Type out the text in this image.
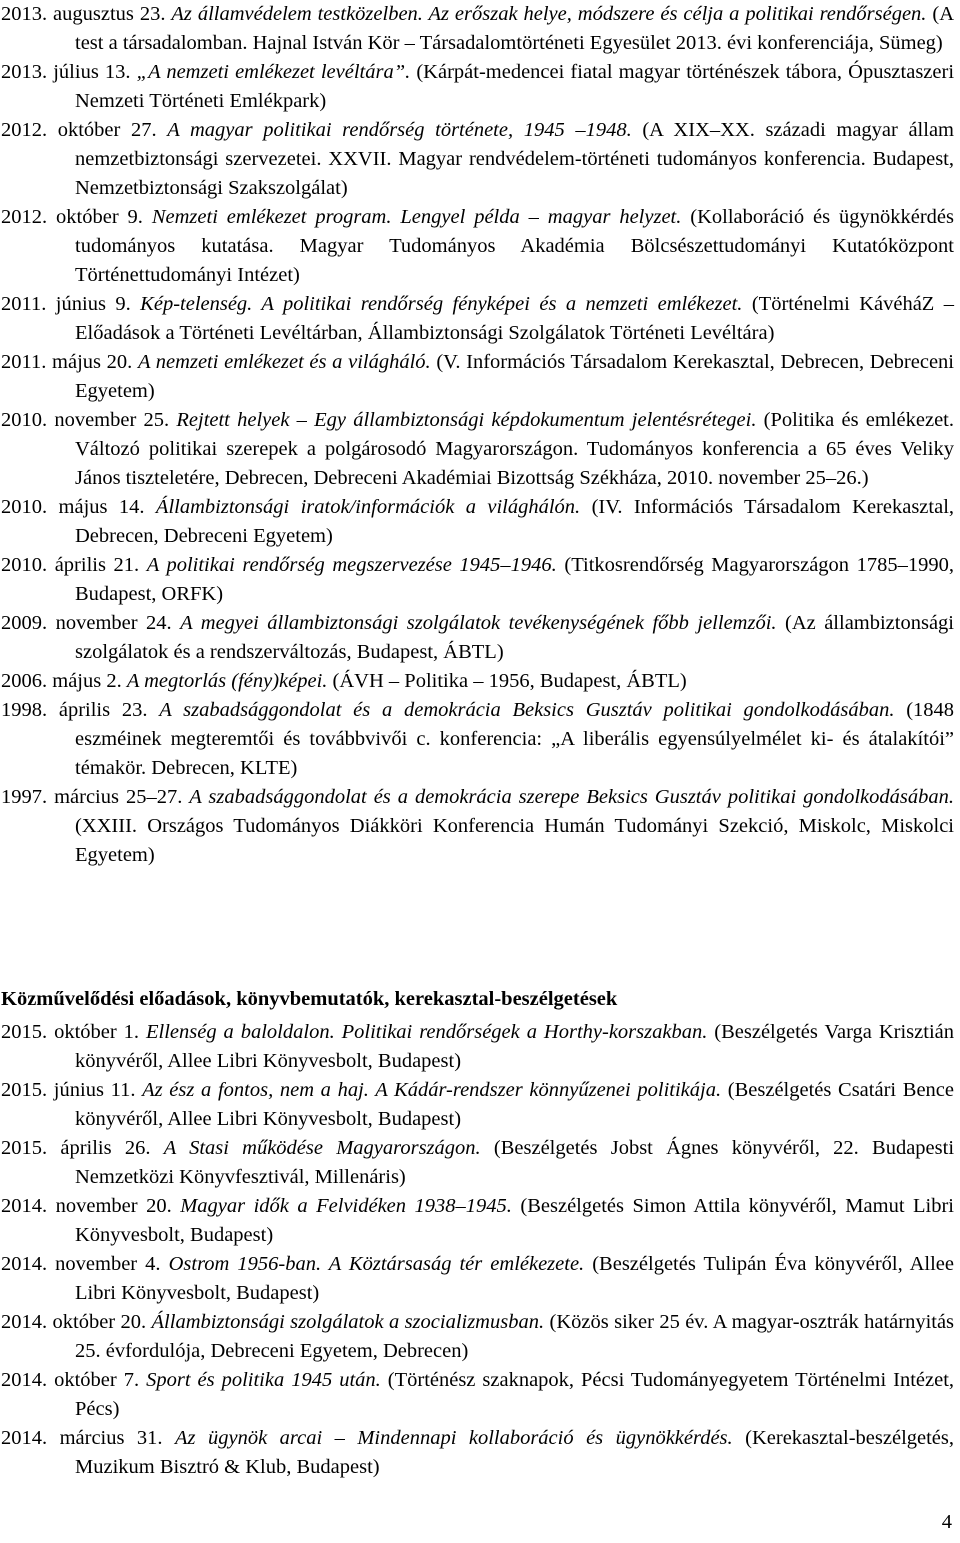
2013. augusztus 23. Az államvédelem testközelben. Az erőszak helye, módszere és célja a politikai rendőrségen. (A test a társadalomban. Hajnal István Kör – Társadalomtörténeti Egyesület 2013. évi konferenciája, Sümeg)

2013. július 13. „A nemzeti emlékezet levéltára”. (Kárpát-medencei fiatal magyar történészek tábora, Ópusztaszeri Nemzeti Történeti Emlékpark)

2012. október 27. A magyar politikai rendőrség története, 1945 –1948. (A XIX–XX. századi magyar állam nemzetbiztonsági szervezetei. XXVII. Magyar rendvédelem-történeti tudományos konferencia. Budapest, Nemzetbiztonsági Szakszolgálat)

2012. október 9. Nemzeti emlékezet program. Lengyel példa – magyar helyzet. (Kollaboráció és ügynökkérdés tudományos kutatása. Magyar Tudományos Akadémia Bölcsészettudományi Kutatóközpont Történettudományi Intézet)

2011. június 9. Kép-telenség. A politikai rendőrség fényképei és a nemzeti emlékezet. (Történelmi KávéháZ – Előadások a Történeti Levéltárban, Állambiztonsági Szolgálatok Történeti Levéltára)

2011. május 20. A nemzeti emlékezet és a világháló. (V. Információs Társadalom Kerekasztal, Debrecen, Debreceni Egyetem)

2010. november 25. Rejtett helyek – Egy állambiztonsági képdokumentum jelentésrétegei. (Politika és emlékezet. Változó politikai szerepek a polgárosodó Magyarországon. Tudományos konferencia a 65 éves Veliky János tiszteletére, Debrecen, Debreceni Akadémiai Bizottság Székháza, 2010. november 25–26.)

2010. május 14. Állambiztonsági iratok/információk a világhálón. (IV. Információs Társadalom Kerekasztal, Debrecen, Debreceni Egyetem)

2010. április 21. A politikai rendőrség megszervezése 1945–1946. (Titkosrendőrség Magyarországon 1785–1990, Budapest, ORFK)

2009. november 24. A megyei állambiztonsági szolgálatok tevékenységének főbb jellemzői. (Az állambiztonsági szolgálatok és a rendszerváltozás, Budapest, ÁBTL)

2006. május 2. A megtorlás (fény)képei. (ÁVH – Politika – 1956, Budapest, ÁBTL)

1998. április 23. A szabadsággondolat és a demokrácia Beksics Gusztáv politikai gondolkodásában. (1848 eszméinek megteremtői és továbbvivői c. konferencia: „A liberális egyensúlyelmélet ki- és átalakítói” témakör. Debrecen, KLTE)

1997. március 25–27. A szabadsággondolat és a demokrácia szerepe Beksics Gusztáv politikai gondolkodásában. (XXIII. Országos Tudományos Diákköri Konferencia Humán Tudományi Szekció, Miskolc, Miskolci Egyetem)

Közművelődési előadások, könyvbemutatók, kerekasztal-beszélgetések

2015. október 1. Ellenség a baloldalon. Politikai rendőrségek a Horthy-korszakban. (Beszélgetés Varga Krisztián könyvéről, Allee Libri Könyvesbolt, Budapest)

2015. június 11. Az ész a fontos, nem a haj. A Kádár-rendszer könnyűzenei politikája. (Beszélgetés Csatári Bence könyvéről, Allee Libri Könyvesbolt, Budapest)

2015. április 26. A Stasi működése Magyarországon. (Beszélgetés Jobst Ágnes könyvéről, 22. Budapesti Nemzetközi Könyvfesztivál, Millenáris)

2014. november 20. Magyar idők a Felvidéken 1938–1945. (Beszélgetés Simon Attila könyvéről, Mamut Libri Könyvesbolt, Budapest)

2014. november 4. Ostrom 1956-ban. A Köztársaság tér emlékezete. (Beszélgetés Tulipán Éva könyvéről, Allee Libri Könyvesbolt, Budapest)

2014. október 20. Állambiztonsági szolgálatok a szocializmusban. (Közös siker 25 év. A magyar-osztrák határnyitás 25. évfordulója, Debreceni Egyetem, Debrecen)

2014. október 7. Sport és politika 1945 után. (Történész szaknapok, Pécsi Tudományegyetem Történelmi Intézet, Pécs)

2014. március 31. Az ügynök arcai – Mindennapi kollaboráció és ügynökkérdés. (Kerekasztal-beszélgetés, Muzikum Bisztró & Klub, Budapest)

4
